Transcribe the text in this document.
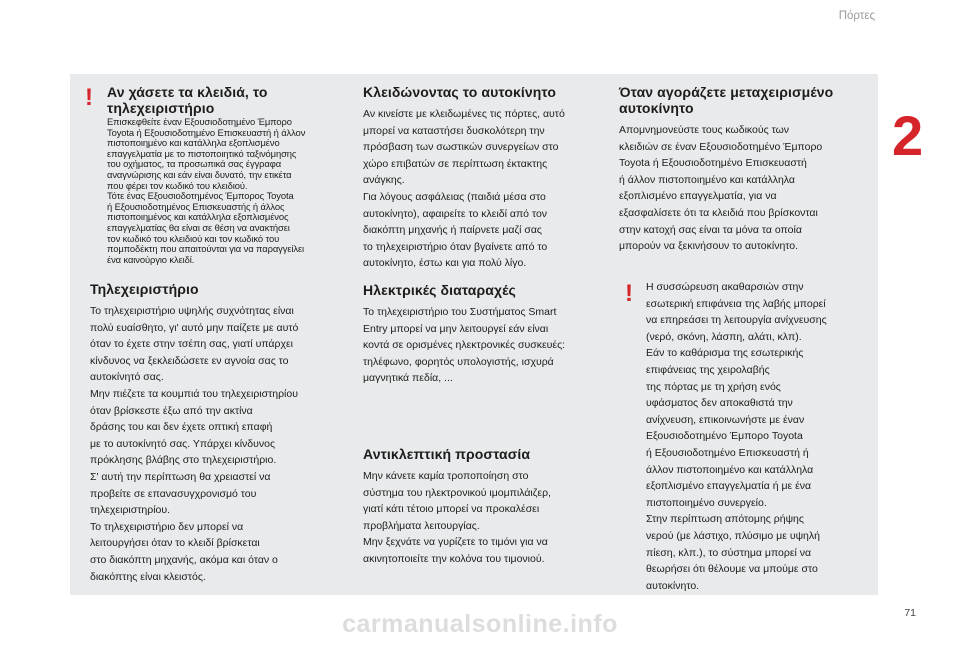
Πόρτες
2
! Αν χάσετε τα κλειδιά, το
τηλεχειριστήριο

Επισκεφθείτε έναν Εξουσιοδοτημένο Έμπορο
Toyota ή Εξουσιοδοτημένο Επισκευαστή ή άλλον
πιστοποιημένο και κατάλληλα εξοπλισμένο
επαγγελματία με το πιστοποιητικό ταξινόμησης
του οχήματος, τα προσωπικά σας έγγραφα
αναγνώρισης και εάν είναι δυνατό, την ετικέτα
που φέρει τον κωδικό του κλειδιού.
Τότε ένας Εξουσιοδοτημένος Έμπορος Toyota
ή Εξουσιοδοτημένος Επισκευαστής ή άλλος
πιστοποιημένος και κατάλληλα εξοπλισμένος
επαγγελματίας θα είναι σε θέση να ανακτήσει
τον κωδικό του κλειδιού και τον κωδικό του
πομποδέκτη που απαιτούνται για να παραγγείλει
ένα καινούργιο κλειδί.

Τηλεχειριστήριο

Το τηλεχειριστήριο υψηλής συχνότητας είναι
πολύ ευαίσθητο, γι' αυτό μην παίζετε με αυτό
όταν το έχετε στην τσέπη σας, γιατί υπάρχει
κίνδυνος να ξεκλειδώσετε εν αγνοία σας το
αυτοκίνητό σας.
Μην πιέζετε τα κουμπιά του τηλεχειριστηρίου
όταν βρίσκεστε έξω από την ακτίνα
δράσης του και δεν έχετε οπτική επαφή
με το αυτοκίνητό σας. Υπάρχει κίνδυνος
πρόκλησης βλάβης στο τηλεχειριστήριο.
Σ' αυτή την περίπτωση θα χρειαστεί να
προβείτε σε επανασυγχρονισμό του
τηλεχειριστηρίου.
Το τηλεχειριστήριο δεν μπορεί να
λειτουργήσει όταν το κλειδί βρίσκεται
στο διακόπτη μηχανής, ακόμα και όταν ο
διακόπτης είναι κλειστός.

Κλειδώνοντας το αυτοκίνητο

Αν κινείστε με κλειδωμένες τις πόρτες, αυτό
μπορεί να καταστήσει δυσκολότερη την
πρόσβαση των σωστικών συνεργείων στο
χώρο επιβατών σε περίπτωση έκτακτης
ανάγκης.
Για λόγους ασφάλειας (παιδιά μέσα στο
αυτοκίνητο), αφαιρείτε το κλειδί από τον
διακόπτη μηχανής ή παίρνετε μαζί σας
το τηλεχειριστήριο όταν βγαίνετε από το
αυτοκίνητο, έστω και για πολύ λίγο.

Ηλεκτρικές διαταραχές

Το τηλεχειριστήριο του Συστήματος Smart
Entry μπορεί να μην λειτουργεί εάν είναι
κοντά σε ορισμένες ηλεκτρονικές συσκευές:
τηλέφωνο, φορητός υπολογιστής, ισχυρά
μαγνητικά πεδία, ...

Αντικλεπτική προστασία

Μην κάνετε καμία τροποποίηση στο
σύστημα του ηλεκτρονικού ιμομπιλάιζερ,
γιατί κάτι τέτοιο μπορεί να προκαλέσει
προβλήματα λειτουργίας.
Μην ξεχνάτε να γυρίζετε το τιμόνι για να
ακινητοποιείτε την κολόνα του τιμονιού.

Όταν αγοράζετε μεταχειρισμένο
αυτοκίνητο

Απομνημονεύστε τους κωδικούς των
κλειδιών σε έναν Εξουσιοδοτημένο Έμπορο
Toyota ή Εξουσιοδοτημένο Επισκευαστή
ή άλλον πιστοποιημένο και κατάλληλα
εξοπλισμένο επαγγελματία, για να
εξασφαλίσετε ότι τα κλειδιά που βρίσκονται
στην κατοχή σας είναι τα μόνα τα οποία
μπορούν να ξεκινήσουν το αυτοκίνητο.

! Η συσσώρευση ακαθαρσιών στην
εσωτερική επιφάνεια της λαβής μπορεί
να επηρεάσει τη λειτουργία ανίχνευσης
(νερό, σκόνη, λάσπη, αλάτι, κλπ).
Εάν το καθάρισμα της εσωτερικής
επιφάνειας της χειρολαβής
της πόρτας με τη χρήση ενός
υφάσματος δεν αποκαθιστά την
ανίχνευση, επικοινωνήστε με έναν
Εξουσιοδοτημένο Έμπορο Toyota
ή Εξουσιοδοτημένο Επισκευαστή ή
άλλον πιστοποιημένο και κατάλληλα
εξοπλισμένο επαγγελματία ή με ένα
πιστοποιημένο συνεργείο.
Στην περίπτωση απότομης ρήψης
νερού (με λάστιχο, πλύσιμο με υψηλή
πίεση, κλπ.), το σύστημα μπορεί να
θεωρήσει ότι θέλουμε να μπούμε στο
αυτοκίνητο.

71
carmanualsonline.info
